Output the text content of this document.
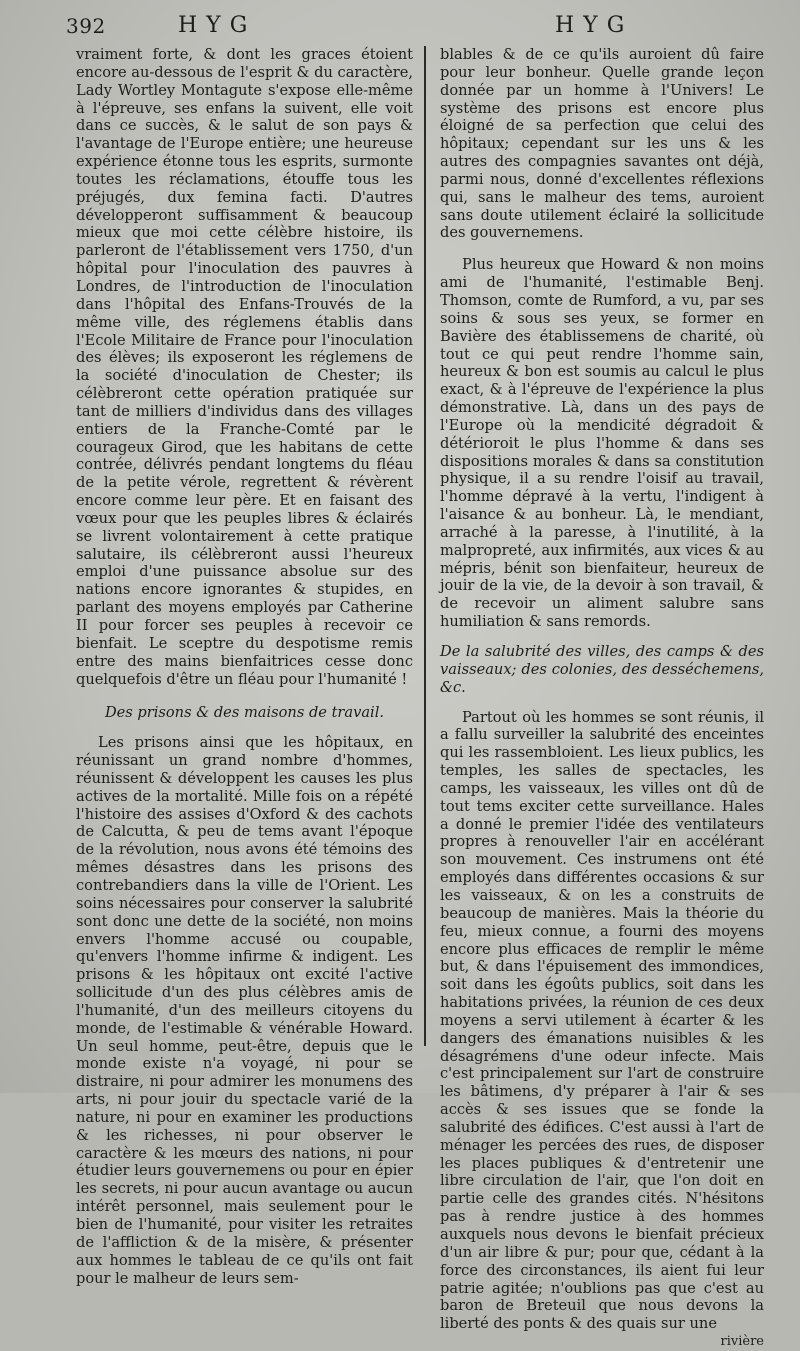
392	HYG	HYG

vraiment forte, & dont les graces étoient encore au-dessous de l'esprit & du caractère, Lady Wortley Montagute s'expose elle-même à l'épreuve, ses enfans la suivent, elle voit dans ce succès, & le salut de son pays & l'avantage de l'Europe entière; une heureuse expérience étonne tous les esprits, surmonte toutes les réclamations, étouffe tous les préjugés, dux femina facti. D'autres développeront suffisamment & beaucoup mieux que moi cette célèbre histoire, ils parleront de l'établissement vers 1750, d'un hôpital pour l'inoculation des pauvres à Londres, de l'introduction de l'inoculation dans l'hôpital des Enfans-Trouvés de la même ville, des réglemens établis dans l'Ecole Militaire de France pour l'inoculation des élèves; ils exposeront les réglemens de la société d'inoculation de Chester; ils célèbreront cette opération pratiquée sur tant de milliers d'individus dans des villages entiers de la Franche-Comté par le courageux Girod, que les habitans de cette contrée, délivrés pendant longtems du fléau de la petite vérole, regrettent & révèrent encore comme leur père. Et en faisant des vœux pour que les peuples libres & éclairés se livrent volontairement à cette pratique salutaire, ils célèbreront aussi l'heureux emploi d'une puissance absolue sur des nations encore ignorantes & stupides, en parlant des moyens employés par Catherine II pour forcer ses peuples à recevoir ce bienfait. Le sceptre du despotisme remis entre des mains bienfaitrices cesse donc quelquefois d'être un fléau pour l'humanité !

Des prisons & des maisons de travail.

Les prisons ainsi que les hôpitaux, en réunissant un grand nombre d'hommes, réunissent & développent les causes les plus actives de la mortalité. Mille fois on a répété l'histoire des assises d'Oxford & des cachots de Calcutta, & peu de tems avant l'époque de la révolution, nous avons été témoins des mêmes désastres dans les prisons des contrebandiers dans la ville de l'Orient. Les soins nécessaires pour conserver la salubrité sont donc une dette de la société, non moins envers l'homme accusé ou coupable, qu'envers l'homme infirme & indigent. Les prisons & les hôpitaux ont excité l'active sollicitude d'un des plus célèbres amis de l'humanité, d'un des meilleurs citoyens du monde, de l'estimable & vénérable Howard. Un seul homme, peut-être, depuis que le monde existe n'a voyagé, ni pour se distraire, ni pour admirer les monumens des arts, ni pour jouir du spectacle varié de la nature, ni pour en examiner les productions & les richesses, ni pour observer le caractère & les mœurs des nations, ni pour étudier leurs gouvernemens ou pour en épier les secrets, ni pour aucun avantage ou aucun intérêt personnel, mais seulement pour le bien de l'humanité, pour visiter les retraites de l'affliction & de la misère, & présenter aux hommes le tableau de ce qu'ils ont fait pour le malheur de leurs sem-

blables & de ce qu'ils auroient dû faire pour leur bonheur. Quelle grande leçon donnée par un homme à l'Univers! Le système des prisons est encore plus éloigné de sa perfection que celui des hôpitaux; cependant sur les uns & les autres des compagnies savantes ont déjà, parmi nous, donné d'excellentes réflexions qui, sans le malheur des tems, auroient sans doute utilement éclairé la sollicitude des gouvernemens.

Plus heureux que Howard & non moins ami de l'humanité, l'estimable Benj. Thomson, comte de Rumford, a vu, par ses soins & sous ses yeux, se former en Bavière des établissemens de charité, où tout ce qui peut rendre l'homme sain, heureux & bon est soumis au calcul le plus exact, & à l'épreuve de l'expérience la plus démonstrative. Là, dans un des pays de l'Europe où la mendicité dégradoit & détérioroit le plus l'homme & dans ses dispositions morales & dans sa constitution physique, il a su rendre l'oisif au travail, l'homme dépravé à la vertu, l'indigent à l'aisance & au bonheur. Là, le mendiant, arraché à la paresse, à l'inutilité, à la malpropreté, aux infirmités, aux vices & au mépris, bénit son bienfaiteur, heureux de jouir de la vie, de la devoir à son travail, & de recevoir un aliment salubre sans humiliation & sans remords.

De la salubrité des villes, des camps & des vaisseaux; des colonies, des desséchemens, &c.

Partout où les hommes se sont réunis, il a fallu surveiller la salubrité des enceintes qui les rassembloient. Les lieux publics, les temples, les salles de spectacles, les camps, les vaisseaux, les villes ont dû de tout tems exciter cette surveillance. Hales a donné le premier l'idée des ventilateurs propres à renouveller l'air en accélérant son mouvement. Ces instrumens ont été employés dans différentes occasions & sur les vaisseaux, & on les a construits de beaucoup de manières. Mais la théorie du feu, mieux connue, a fourni des moyens encore plus efficaces de remplir le même but, & dans l'épuisement des immondices, soit dans les égoûts publics, soit dans les habitations privées, la réunion de ces deux moyens a servi utilement à écarter & les dangers des émanations nuisibles & les désagrémens d'une odeur infecte. Mais c'est principalement sur l'art de construire les bâtimens, d'y préparer à l'air & ses accès & ses issues que se fonde la salubrité des édifices. C'est aussi à l'art de ménager les percées des rues, de disposer les places publiques & d'entretenir une libre circulation de l'air, que l'on doit en partie celle des grandes cités. N'hésitons pas à rendre justice à des hommes auxquels nous devons le bienfait précieux d'un air libre & pur; pour que, cédant à la force des circonstances, ils aient fui leur patrie agitée; n'oublions pas que c'est au baron de Breteuil que nous devons la liberté des ponts & des quais sur une

rivière
